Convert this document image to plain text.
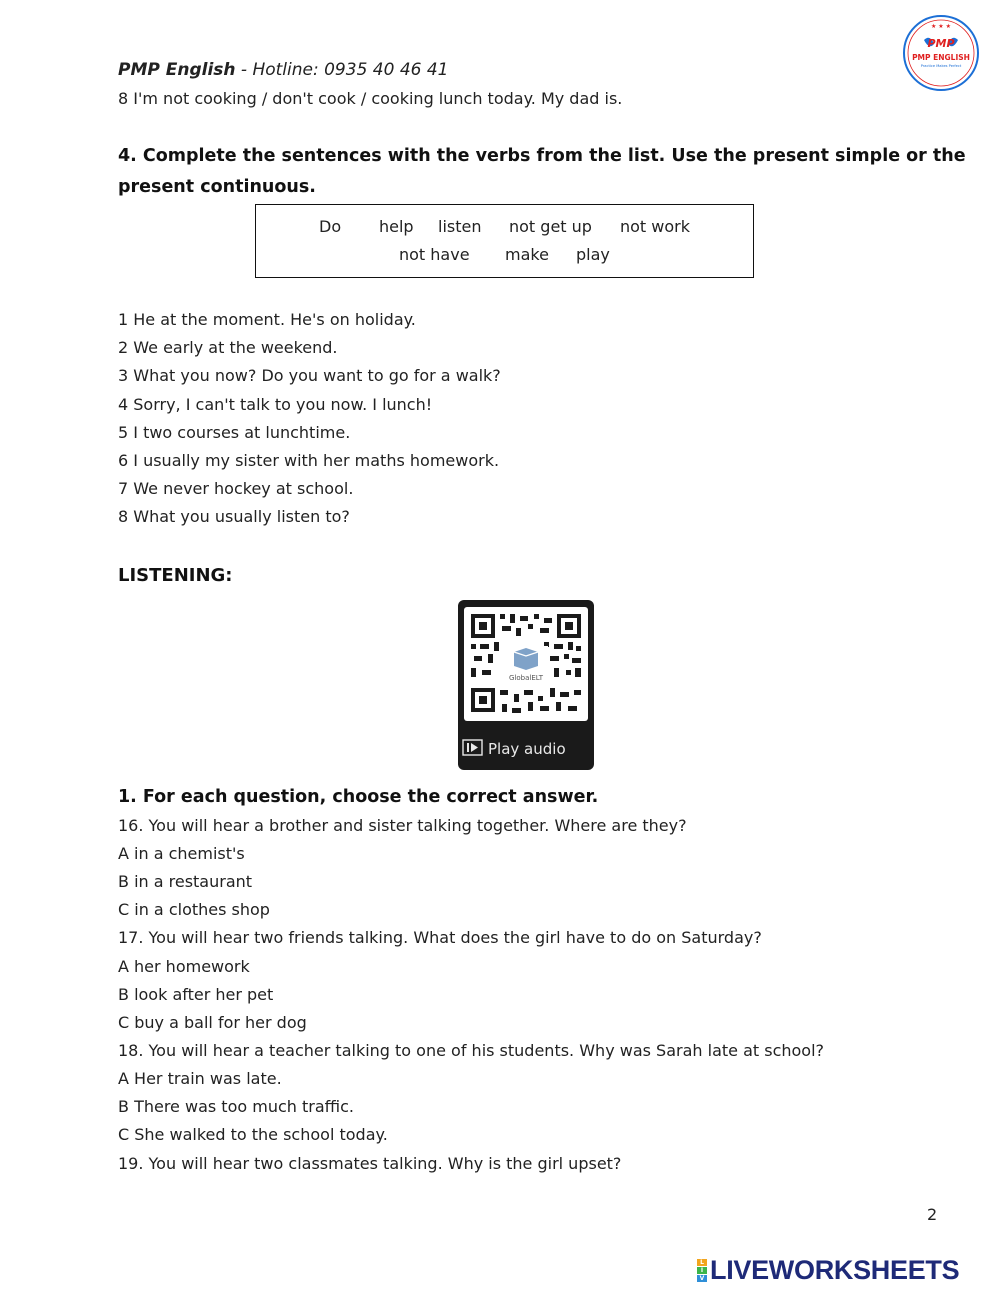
PMP English - Hotline: 0935 40 46 41
★ ★ ★
PMP
PMP ENGLISH
Practice Makes Perfect
8 I'm not cooking / don't cook / cooking lunch today. My dad is.
4. Complete the sentences with the verbs from the list. Use the present simple or the
present continuous.
Do help listen not get up not work
not have make play
1 He at the moment. He's on holiday.
2 We early at the weekend.
3 What you now? Do you want to go for a walk?
4 Sorry, I can't talk to you now. I lunch!
5 I two courses at lunchtime.
6 I usually my sister with her maths homework.
7 We never hockey at school.
8 What you usually listen to?
LISTENING:
GlobalELT
Play audio
1. For each question, choose the correct answer.
16. You will hear a brother and sister talking together. Where are they?
A in a chemist's
B in a restaurant
C in a clothes shop
17. You will hear two friends talking. What does the girl have to do on Saturday?
A her homework
B look after her pet
C buy a ball for her dog
18. You will hear a teacher talking to one of his students. Why was Sarah late at school?
A Her train was late.
B There was too much traffic.
C She walked to the school today.
19. You will hear two classmates talking. Why is the girl upset?
2
L
I
V LIVEWORKSHEETS
